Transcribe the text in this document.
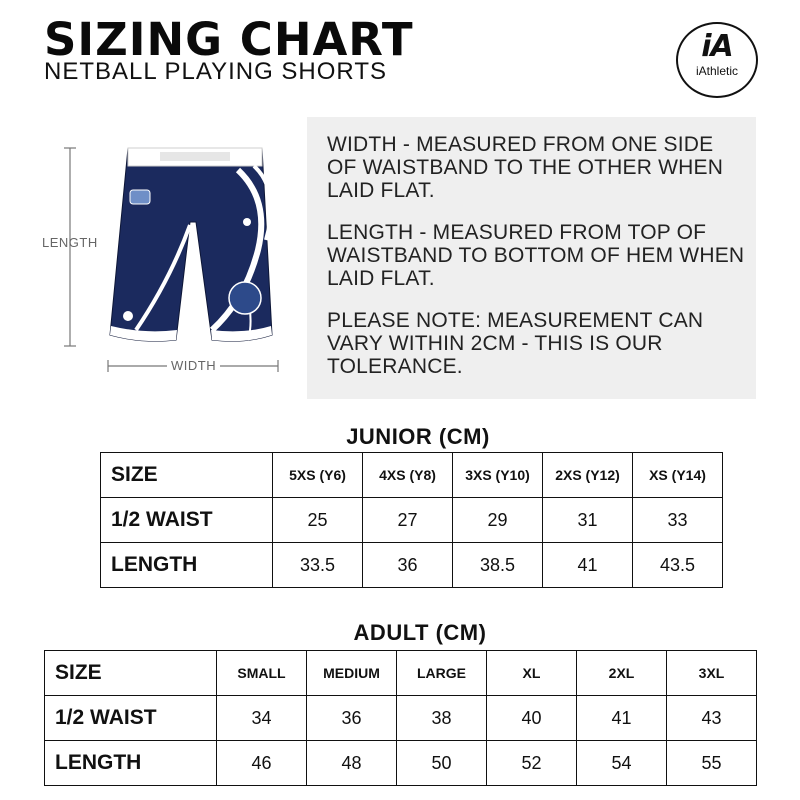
SIZING CHART
NETBALL PLAYING SHORTS
iA
iAthletic
LENGTH
WIDTH

WIDTH - MEASURED FROM ONE SIDE OF WAISTBAND TO THE OTHER WHEN LAID FLAT.

LENGTH - MEASURED FROM TOP OF WAISTBAND TO BOTTOM OF HEM WHEN LAID FLAT.

PLEASE NOTE: MEASUREMENT CAN VARY WITHIN 2CM - THIS IS OUR TOLERANCE.

JUNIOR (CM)
SIZE	5XS (Y6)	4XS (Y8)	3XS (Y10)	2XS (Y12)	XS (Y14)
1/2 WAIST	25	27	29	31	33
LENGTH	33.5	36	38.5	41	43.5
ADULT (CM)
SIZE	SMALL	MEDIUM	LARGE	XL	2XL	3XL
1/2 WAIST	34	36	38	40	41	43
LENGTH	46	48	50	52	54	55
